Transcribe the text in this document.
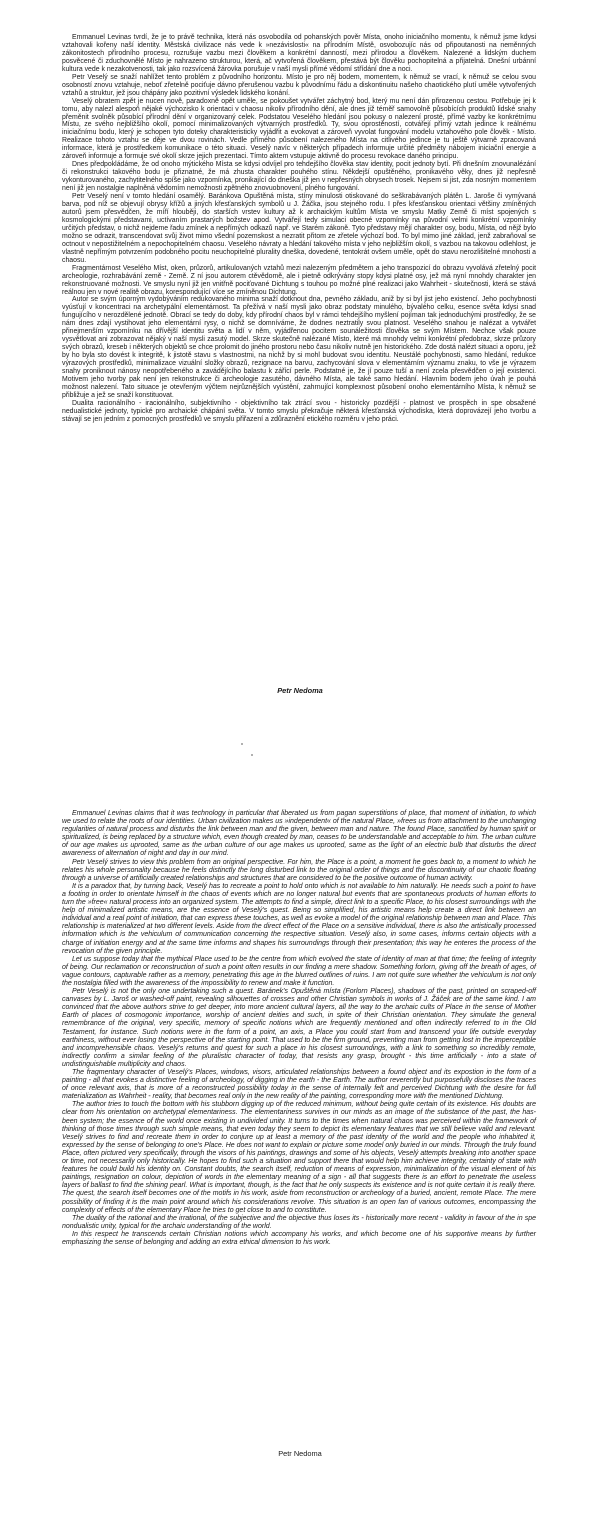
Emmanuel Levinas tvrdí, že je to právě technika, která nás osvobodila od pohanských pověr Místa, onoho iniciačního momentu, k němuž jsme kdysi vztahovali kořeny naší identity. Městská civilizace nás vede k »nezávislosti« na přírodním Místě, osvobozujíc nás od připoutanosti na neměnných zákonitostech přírodního procesu, rozrušuje vazbu mezi člověkem a konkrétní danností, mezi přírodou a člověkem. Nalezené a lidským duchem posvěcené či zduchovnělé Místo je nahrazeno strukturou, která, ač vytvořená člověkem, přestává být člověku pochopitelná a přijatelná. Dnešní urbánní kultura vede k nezakotvenosti, tak jako rozsvícená žárovka porušuje v naší mysli přímé vědomí střídání dne a noci.

Petr Veselý se snaží nahlížet tento problém z původního horizontu. Místo je pro něj bodem, momentem, k němuž se vrací, k němuž se celou svou osobností znovu vztahuje, neboť zřetelně pociťuje dávno přerušenou vazbu k původnímu řádu a diskontinuitu našeho chaotického plutí uměle vytvořených vztahů a struktur, jež jsou chápány jako pozitivní výsledek lidského konání.

Veselý obratem zpět je nucen nově, paradoxně opět uměle, se pokoušet vytvářet záchytný bod, který mu není dán přirozenou cestou. Potřebuje jej k tomu, aby nalezl alespoň nějaké výchozisko k orientaci v chaosu nikoliv přírodního dění, ale dnes již téměř samovolně působících produktů lidské snahy přeměnit svolněk působící přírodní dění v organizovaný celek. Podstatou Veselého hledání jsou pokusy o nalezení prosté, přímé vazby ke konkrétnímu Místu, ze svého nejbližšího okolí, pomocí minimalizovaných výtvarných prostředků. Ty, svou oprostěností, cotvářejí přímý vztah jedince k reálnému iniciačnímu bodu, který je schopen tyto doteky charakteristicky vyjádřit a evokovat a zároveň vyvolat fungování modelu vztahového pole člověk - Místo. Realizace tohoto vztahu se děje ve dvou rovinách. Vedle přímého působení nalezeného Místa na citlivého jedince je tu ještě výtvarně zpracovaná informace, která je prostředkem komunikace o této situaci. Veselý navíc v některých případech informuje určité předměty nábojem iniciační energie a zároveň informuje a formuje své okolí skrze jejich prezentaci. Tímto aktem vstupuje aktivně do procesu revokace daného principu.

Dnes předpokládáme, že od onoho mýtického Místa se kdysi odvíjel pro tehdejšího člověka stav identity, pocit jednoty bytí. Při dnešním znovunalézání či rekonstrukci takového bodu je přiznatné, že má zhusta charakter pouhého stínu. Někdejší opuštěného, pronikavého věky, dnes již nepřesně vykonturovaného, zachytitelného spíše jako vzpomínka, pronikající do dneška již jen v nepřesných obrysech trosek. Nejsem si jist, zda nosným momentem není již jen nostalgie naplněná vědomím nemožnosti zpětného znovuobnovení, plného fungování.

Petr Veselý není v tomto hledání osamělý. Baránkova Opuštěná místa, stíny minulosti otiskované do seškrabávaných plátěn L. Jaroše či vymývaná barva, pod níž se objevují obrysy křížů a jiných křesťanských symbolů u J. Žáčka, jsou stejného rodu. I přes křesťanskou orientaci většiny zmíněných autorů jsem přesvědčen, že míří hlouběji, do starších vrstev kultury až k archaickým kultům Místa ve smyslu Matky Země či míst spojených s kosmologickými představami, uctívaním prastarých božstev apod. Vytvářejí tedy simulaci obecné vzpomínky na původní velmi konkrétní vzpomínky určitých představ, o nichž nejdeme řadu zmínek a nepřímých odkazů např. ve Starém zákoně. Tyto představy mějí charakter osy, bodu, Místa, od nějž bylo možno se odrazit, transcendovat svůj život mimo všední pozemskost a nezratit přitom ze zřetele výchozí bod. To byl mimo jiné základ, jenž zabraňoval se octnout v nepostižitelném a nepochopitelném chaosu. Veselého návraty a hledání takového místa v jeho nejbližším okolí, s vazbou na takovou odlehlost, je vlastně nepřímým potvrzením podobného pocitu neuchopitelné plurality dneška, dovedené, tentokrát ovšem uměle, opět do stavu nerozlišitelné mnohosti a chaosu.

Fragmentárnost Veselého Míst, oken, průzorů, artikulovaných vztahů mezi nalezeným předmětem a jeho transpozicí do obrazu vyvolává zřetelný pocit archeologie, rozhrabávání země - Země. Z ní jsou autorem ctěvědomě, ale i pietně odkrývány stopy kdysi platné osy, jež má nyní mnohdy charakter jen rekonstruované možnosti. Ve smyslu nyní již jen vnitřně pociťované Dichtung s touhou po možné plné realizaci jako Wahrheit - skutečnosti, která se stává reálnou jen v nové realitě obrazu, korespondující více se zmíněnou Dichtung.

Autor se svým úporným vydobýváním redukovaného minima snaží dotknout dna, pevného základu, aniž by si byl jist jeho existencí. Jeho pochybnosti vyúsťují v koncentraci na archetypální elementárnost. Ta přežívá v naší mysli jako obraz podstaty minulého, bývalého celku, esence světa kdysi snad fungujícího v nerozdělené jednotě. Obrací se tedy do doby, kdy přírodní chaos byl v rámci tehdejšího myšlení pojíman tak jednoduchými prostředky, že se nám dnes zdají vystihovat jeho elementární rysy, o nichž se domníváme, že dodnes neztratily svou platnost. Veselého snahou je nalézat a vytvářet přinejmenším vzpomínku na dřívější identitu světa a lidí v něm, vyjádřenou pocitem sounáležitosti člověka se svým Místem. Nechce však pouze vysvětlovat ani zobrazovat nějaký v naší mysli zasutý model. Skrze skutečně nalézané Místo, které má mnohdy velmi konkrétní předobraz, skrze průzory svých obrazů, kreseb i některých objektů se chce prolomit do jiného prostoru nebo času nikoliv nutně jen historického. Zde dostá nalézt situaci a oporu, jež by ho byla sto dovést k integritě, k jistotě stavu s vlastnostmi, na nichž by si mohl budovat svou identitu. Neustálé pochybnosti, samo hledání, redukce výrazových prostředků, minimalizace vizuální složky obrazů, rezignace na barvu, zachycování slova v elementárním významu znaku, to vše je výrazem snahy proniknout nánosy neopotřebeného a zavádějícího balastu k zářící perle. Podstatné je, že jí pouze tuší a není zcela přesvědčen o její existenci. Motivem jeho tvorby pak není jen rekonstrukce či archeologie zasutého, dávného Místa, ale také samo hledání. Hlavním bodem jeho úvah je pouhá možnost nalezení. Tato situace je otevřeným výčtem nejrůznějších vyústění, zahrnující komplexnost působení onoho elementárního Místa, k němuž se přibližuje a jež se snaží konstituovat.

Dualita racionálního - iracionálního, subjektivního - objektivního tak ztrácí svou - historicky pozdější - platnost ve prospěch in spe obsažené nedualistické jednoty, typické pro archaické chápání světa. V tomto smyslu překračuje některá křesťanská východiska, která doprovázejí jeho tvorbu a stávají se jen jedním z pomocných prostředků ve smyslu přiřazení a zdůraznění etického rozměru v jeho práci.

Petr Nedoma

Emmanuel Levinas claims that it was technology in particular that liberated us from pagan superstitions of place, that moment of initiation, to which we used to relate the roots of our identities. Urban civilization makes us »independent« of the natural Place, »frees us from attachment to the unchanging regularities of natural process and disturbs the link between man and the given, between man and nature. The found Place, sanctified by human spirit or spiritualized, is being replaced by a structure which, even though created by man, ceases to be understandable and acceptable to him. The urban culture of our age makes us uprooted, same as the urban culture of our age makes us uprooted, same as the light of an electric bulb that disturbs the direct awareness of alternation of night and day in our mind.

Petr Veselý strives to view this problem from an original perspective. For him, the Place is a point, a moment he goes back to, a moment to which he relates his whole personality because he feels distinctly the long disturbed link to the original order of things and the discontinuity of our chaotic floating through a universe of artificially created relationships and structures that are considered to be the positive outcome of human activity.

It is a paradox that, by turning back, Veselý has to recreate a point to hold onto which is not available to him naturally. He needs such a point to have a footing in order to orientate himself in the chaos of events which are no longer natural but events that are spontaneous products of human efforts to turn the »free« natural process into an organized system. The attempts to find a simple, direct link to a specific Place, to his closest surroundings with the help of minimalized artistic means, are the essence of Veselý's quest. Being so simplified, his artistic means help create a direct link between an individual and a real point of initiation, that can express these touches, as well as evoke a model of the original relationship between man and Place. This relationship is materialized at two different levels. Aside from the direct effect of the Place on a sensitive individual, there is also the artistically processed information which is the vehiculum of communication concerning the respective situation. Veselý also, in some cases, informs certain objects with a charge of initiation energy and at the same time informs and shapes his surroundings through their presentation; this way he enteres the process of the revocation of the given principle.

Let us suppose today that the mythical Place used to be the centre from which evolved the state of identity of man at that time; the feeling of integrity of being. Our reclamation or reconstruction of such a point often results in our finding a mere shadow. Something forlorn, giving off the breath of ages, of vague contours, capturable rather as a memory, penetrating this age in the blurred outlines of ruins. I am not quite sure whether the vehiculum is not only the nostalgia filled with the awareness of the impossibility to renew and make it function.

Petr Veselý is not the only one undertaking such a quest. Baránek's Opuštěná místa (Forlorn Places), shadows of the past, printed on scraped-off canvases by L. Jaroš or washed-off paint, revealing silhouettes of crosses and other Christian symbols in works of J. Žáček are of the same kind. I am convinced that the above authors strive to get deeper, into more ancient cultural layers, all the way to the archaic cults of Place in the sense of Mother Earth of places of cosmogonic importance, worship of ancient deities and such, in spite of their Christian orientation. They simulate the general remembrance of the original, very specific, memory of specific notions which are frequently mentioned and often indirectly referred to in the Old Testament, for instance. Such notions were in the form of a point, an axis, a Place you could start from and transcend your life outside everyday earthiness, without ever losing the perspective of the starting point. That used to be the firm ground, preventing man from getting lost in the imperceptible and incomprehensible chaos. Veselý's returns and quest for such a place in his closest surroundings, with a link to something so incredibly remote, indirectly confirm a similar feeling of the pluralistic character of today, that resists any grasp, brought - this time artificially - into a state of undistinguishable multiplicity and chaos.

The fragmentary character of Veselý's Places, windows, visors, articulated relationships between a found object and its expostion in the form of a painting - all that evokes a distinctive feeling of archeology, of digging in the earth - the Earth. The author reverently but purposefully discloses the traces of once relevant axis, that is more of a reconstructed possibility today in the sense of internally felt and perceived Dichtung with the desire for full materialization as Wahrheit - reality, that becomes real only in the new reality of the painting, corresponding more with the mentioned Dichtung.

The author tries to touch the bottom with his stubborn digging up of the reduced minimum, without being quite certain of its existence. His doubts are clear from his orientation on archetypal elementariness. The elementariness survives in our minds as an image of the substance of the past, the has-been system; the essence of the world once existing in undivided unity. It turns to the times when natural chaos was perceived within the framework of thinking of those times through such simple means, that even today they seem to depict its elementary features that we still believe valid and relevant. Veselý strives to find and recreate them in order to conjure up at least a memory of the past identity of the world and the people who inhabited it, expressed by the sense of belonging to one's Place. He does not want to explain or picture some model only buried in our minds. Through the truly found Place, often pictured very specifically, through the visors of his paintings, drawings and some of his objects, Veselý attempts breaking into another space or time, not necessarily only historically. He hopes to find such a situation and support there that would help him achieve integrity, certainty of state with features he could build his identity on. Constant doubts, the search itself, reduction of means of expression, minimalization of the visual element of his paintings, resignation on colour, depiction of words in the elementary meaning of a sign - all that suggests there is an effort to penetrate the useless layers of ballast to find the shining pearl. What is important, though, is the fact that he only suspects its existence and is not quite certain it is really there. The quest, the search itself becomes one of the motifs in his work, aside from reconstruction or archeology of a buried, ancient, remote Place. The mere possibility of finding it is the main point around which his considerations revolve. This situation is an open fan of various outcomes, encompassing the complexity of effects of the elementary Place he tries to get close to and to constitute.

The duality of the rational and the irrational, of the subjective and the objective thus loses its - historically more recent - validity in favour of the in spe nondualistic unity, typical for the archaic understanding of the world.

In this respect he transcends certain Christian notions which accompany his works, and which become one of his supportive means by further emphasizing the sense of belonging and adding an extra ethical dimension to his work.

Petr Nedoma
